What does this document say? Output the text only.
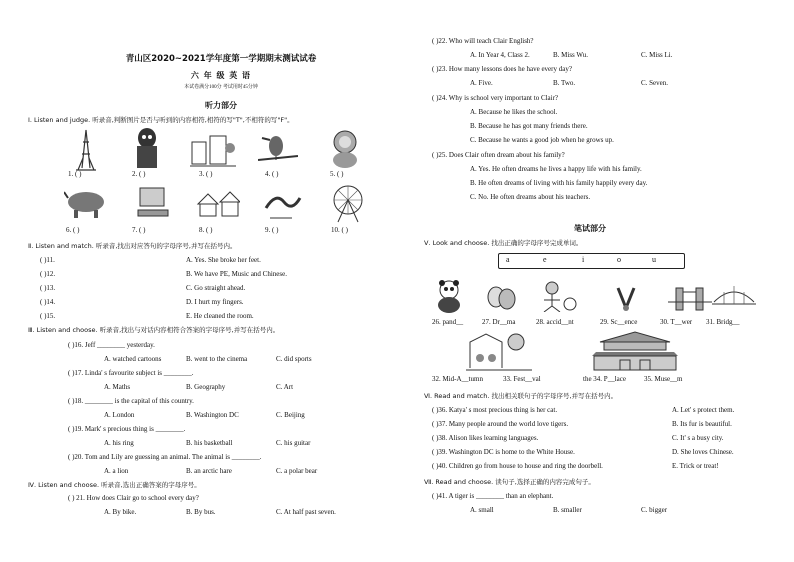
青山区2020~2021学年度第一学期期末测试试卷
六 年 级 英 语
本试卷满分100分 考试用时45分钟
听力部分
Ⅰ. Listen and judge. 听录音,判断图片是否与听到的内容相符,相符的写"T",不相符的写"F"。
1. ( )	2. ( )	3. ( )	4. ( )	5. ( )
6. ( )	7. ( )	8. ( )	9. ( )	10. ( )
Ⅱ. Listen and match. 听录音,找出对应答句的字母序号,并写在括号内。
( )11.	A. Yes. She broke her feet.
( )12.	B. We have PE, Music and Chinese.
( )13.	C. Go straight ahead.
( )14.	D. I hurt my fingers.
( )15.	E. He cleaned the room.
Ⅲ. Listen and choose. 听录音,找出与对话内容相符合答案的字母序号,并写在括号内。
( )16. Jeff ________ yesterday.
A. watched cartoons	B. went to the cinema	C. did sports
( )17. Linda' s favourite subject is ________.
A. Maths	B. Geography	C. Art
( )18. ________ is the capital of this country.
A. London	B. Washington DC	C. Beijing
( )19. Mark' s precious thing is ________.
A. his ring	B. his basketball	C. his guitar
( )20. Tom and Lily are guessing an animal. The animal is ________.
A. a lion	B. an arctic hare	C. a polar bear
Ⅳ. Listen and choose. 听录音,选出正确答案的字母序号。
( ) 21. How does Clair go to school every day?
A. By bike.	B. By bus.	C. At half past seven.
( )22. Who will teach Clair English?
A. In Year 4, Class 2.	B. Miss Wu.	C. Miss Li.
( )23. How many lessons does he have every day?
A. Five.	B. Two.	C. Seven.
( )24. Why is school very important to Clair?
A. Because he likes the school.
B. Because he has got many friends there.
C. Because he wants a good job when he grows up.
( )25. Does Clair often dream about his family?
A. Yes. He often dreams he lives a happy life with his family.
B. He often dreams of living with his family happily every day.
C. No. He often dreams about his teachers.
笔试部分
Ⅴ. Look and choose. 找出正确的字母序号完成单词。
a	e	i	o	u
26. pand__	27. Dr__ma	28. accid__nt	29. Sc__ence	30. T__wer 31. Bridg__
32. Mid-A__tumn	33. Fest__val	the 34. P__lace	35. Muse__m
Ⅵ. Read and match. 找出相关联句子的字母序号,并写在括号内。
( )36. Katya' s most precious thing is her cat.	A. Let' s protect them.
( )37. Many people around the world love tigers.	B. Its fur is beautiful.
( )38. Alison likes learning languages.	C. It' s a busy city.
( )39. Washington DC is home to the White House.	D. She loves Chinese.
( )40. Children go from house to house and ring the doorbell.	E. Trick or treat!
Ⅶ. Read and choose. 读句子,选择正确的内容完成句子。
( )41. A tiger is ________ than an elephant.
A. small	B. smaller	C. bigger
